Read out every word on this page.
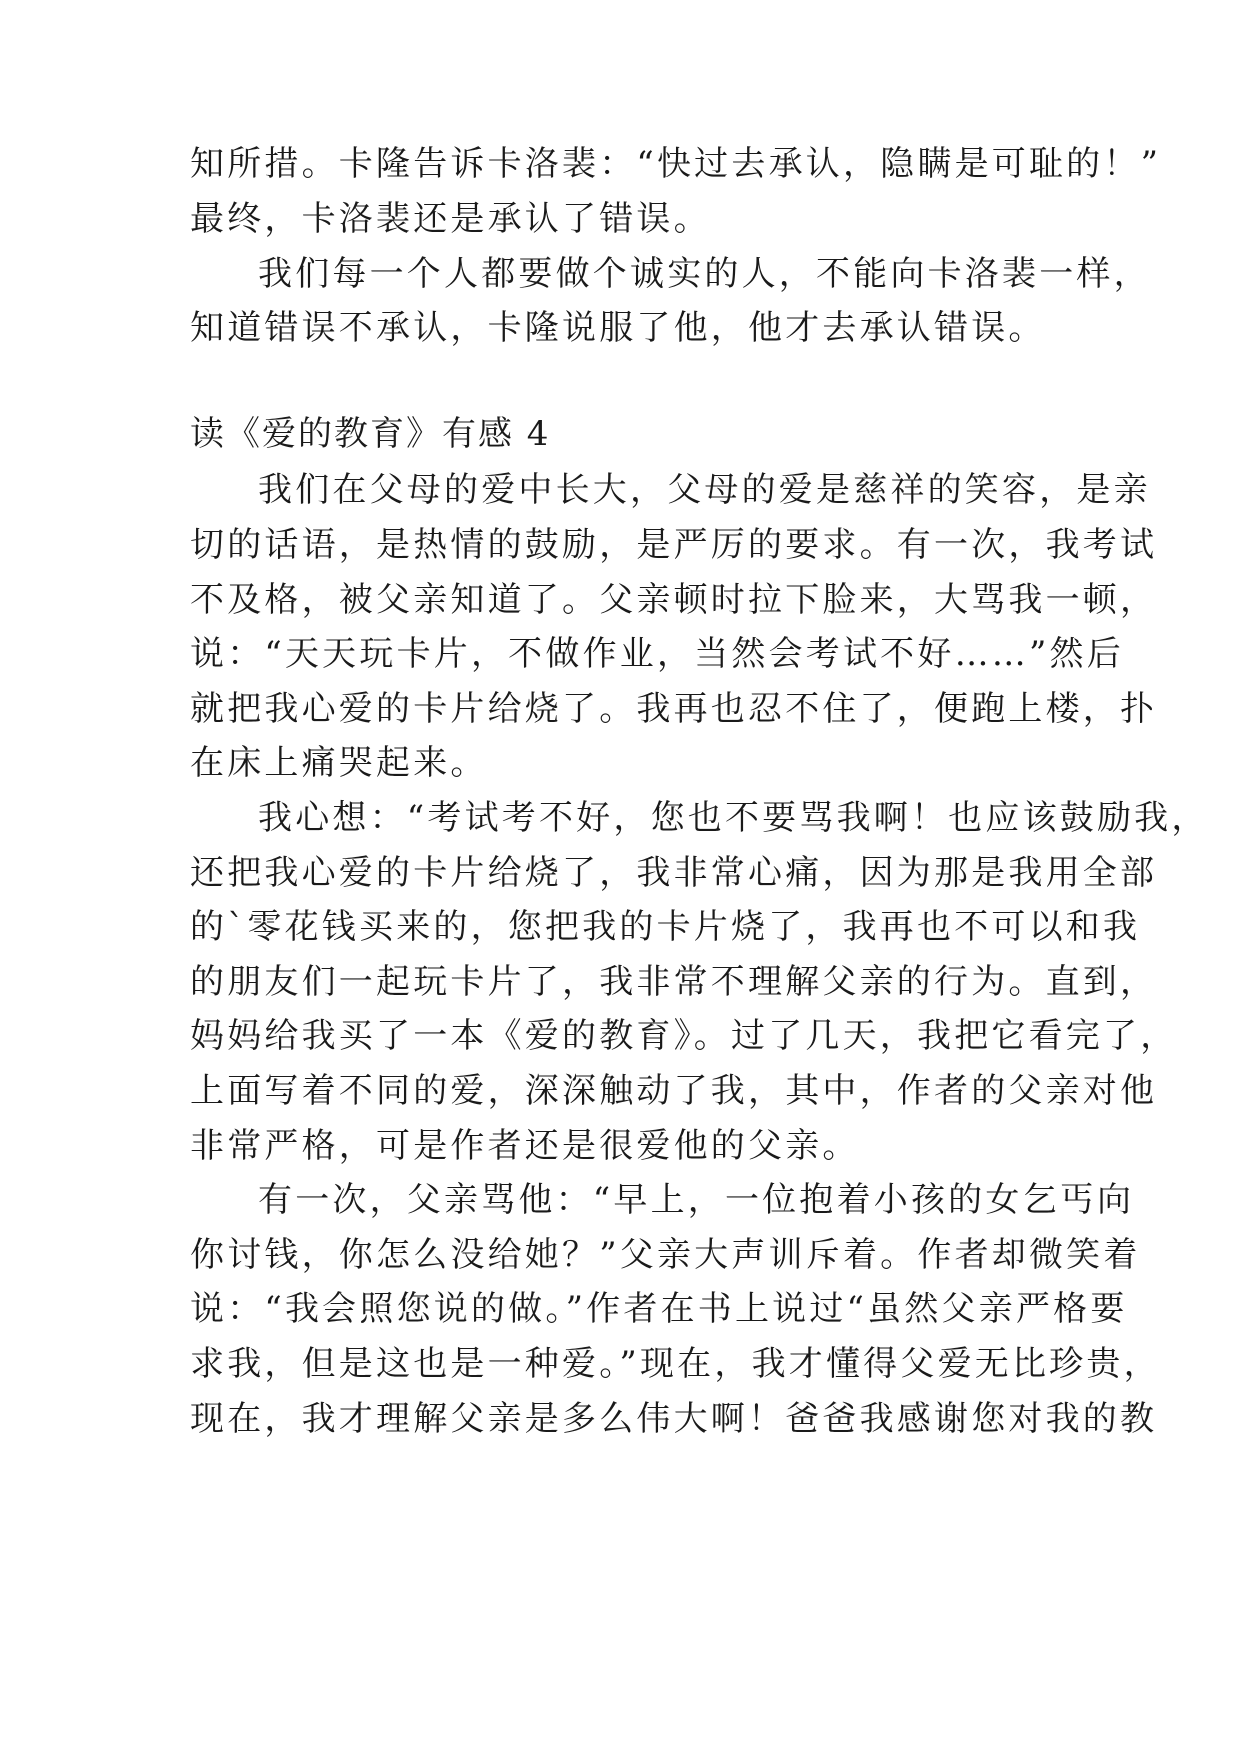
知所措。卡隆告诉卡洛裴：“快过去承认，隐瞒是可耻的！”
最终，卡洛裴还是承认了错误。
我们每一个人都要做个诚实的人，不能向卡洛裴一样，
知道错误不承认，卡隆说服了他，他才去承认错误。
读《爱的教育》有感 4
我们在父母的爱中长大，父母的爱是慈祥的笑容，是亲
切的话语，是热情的鼓励，是严厉的要求。有一次，我考试
不及格，被父亲知道了。父亲顿时拉下脸来，大骂我一顿，
说：“天天玩卡片，不做作业，当然会考试不好……”然后
就把我心爱的卡片给烧了。我再也忍不住了，便跑上楼，扑
在床上痛哭起来。
我心想：“考试考不好，您也不要骂我啊！也应该鼓励我，
还把我心爱的卡片给烧了，我非常心痛，因为那是我用全部
的`零花钱买来的，您把我的卡片烧了，我再也不可以和我
的朋友们一起玩卡片了，我非常不理解父亲的行为。直到，
妈妈给我买了一本《爱的教育》。过了几天，我把它看完了，
上面写着不同的爱，深深触动了我，其中，作者的父亲对他
非常严格，可是作者还是很爱他的父亲。
有一次，父亲骂他：“早上，一位抱着小孩的女乞丐向
你讨钱，你怎么没给她？”父亲大声训斥着。作者却微笑着
说：“我会照您说的做。”作者在书上说过“虽然父亲严格要
求我，但是这也是一种爱。”现在，我才懂得父爱无比珍贵，
现在，我才理解父亲是多么伟大啊！爸爸我感谢您对我的教
